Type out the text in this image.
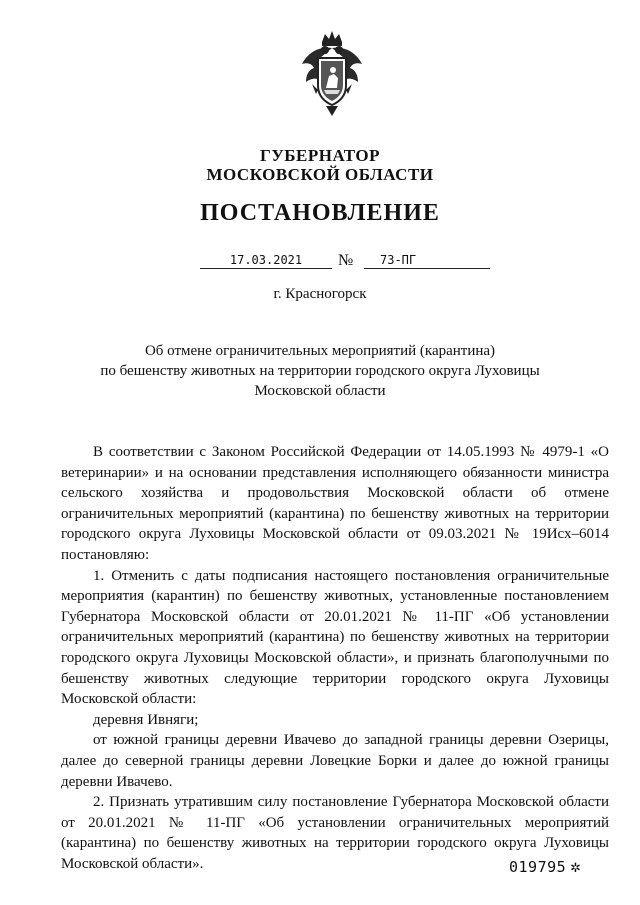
ГУБЕРНАТОР
МОСКОВСКОЙ ОБЛАСТИ
ПОСТАНОВЛЕНИЕ
17.03.2021	№	73-ПГ
г. Красногорск
Об отмене ограничительных мероприятий (карантина)
по бешенству животных на территории городского округа Луховицы
Московской области

В соответствии с Законом Российской Федерации от 14.05.1993 № 4979-1 «О ветеринарии» и на основании представления исполняющего обязанности министра сельского хозяйства и продовольствия Московской области об отмене ограничительных мероприятий (карантина) по бешенству животных на территории городского округа Луховицы Московской области от 09.03.2021 № 19Исх–6014 постановляю:

1. Отменить с даты подписания настоящего постановления ограничительные мероприятия (карантин) по бешенству животных, установленные постановлением Губернатора Московской области от 20.01.2021 № 11-ПГ «Об установлении ограничительных мероприятий (карантина) по бешенству животных на территории городского округа Луховицы Московской области», и признать благополучными по бешенству животных следующие территории городского округа Луховицы Московской области:

деревня Ивняги;

от южной границы деревни Ивачево до западной границы деревни Озерицы, далее до северной границы деревни Ловецкие Борки и далее до южной границы деревни Ивачево.

2. Признать утратившим силу постановление Губернатора Московской области от 20.01.2021 № 11-ПГ «Об установлении ограничительных мероприятий (карантина) по бешенству животных на территории городского округа Луховицы Московской области».	019795 ✲
